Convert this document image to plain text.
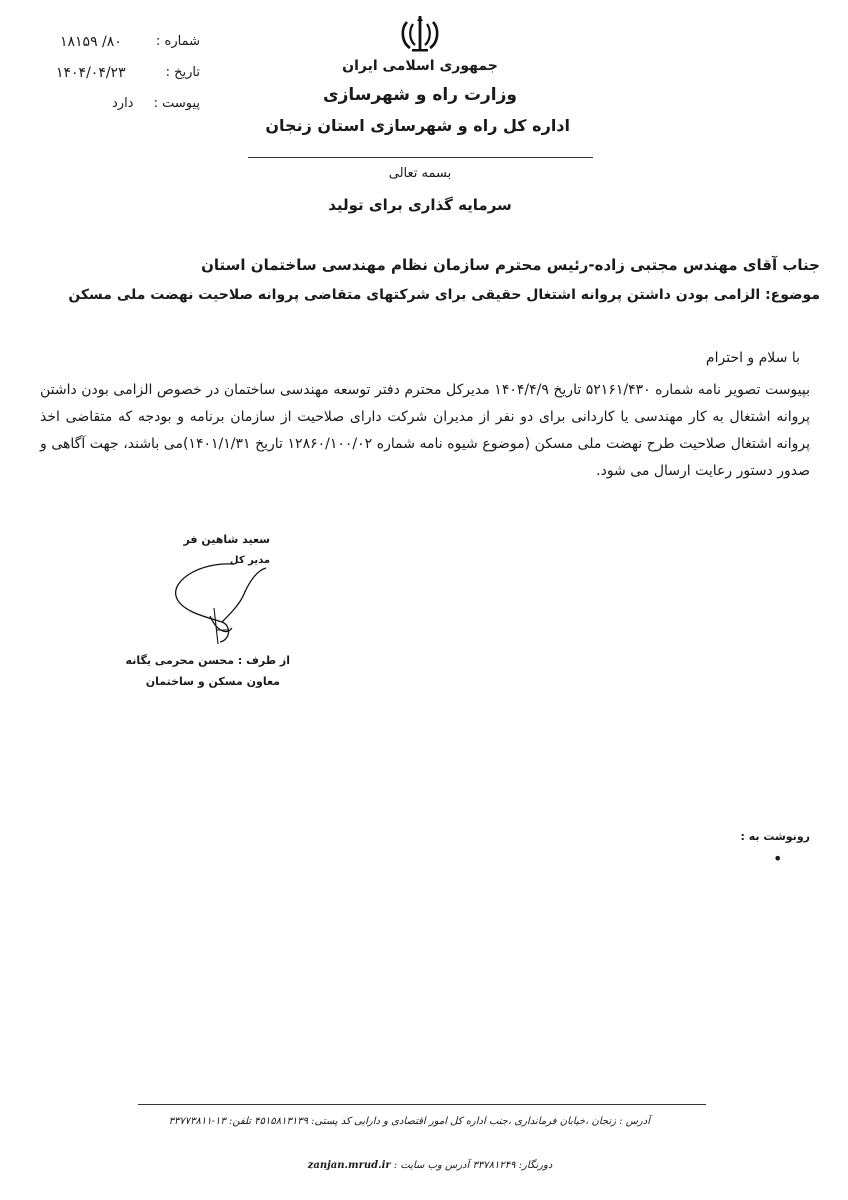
جمهوری اسلامی ایران
وزارت راه و شهرسازی
اداره کل راه و شهرسازی استان زنجان
شماره :
۸۰/ ۱۸۱۵۹
تاریخ :
۱۴۰۴/۰۴/۲۳
پیوست :
دارد
بسمه تعالی
سرمایه گذاری برای تولید
جناب آقای مهندس مجتبی زاده-رئیس محترم سازمان نظام مهندسی ساختمان استان
موضوع: الزامی بودن داشتن پروانه اشتغال حقیقی برای شرکتهای متقاضی پروانه صلاحیت نهضت ملی مسکن
با سلام و احترام
بپیوست تصویر نامه شماره ۵۲۱۶۱/۴۳۰ تاریخ ۱۴۰۴/۴/۹ مدیرکل محترم دفتر توسعه مهندسی ساختمان در خصوص الزامی بودن داشتن پروانه اشتغال به کار مهندسی یا کاردانی برای دو نفر از مدیران شرکت دارای صلاحیت از سازمان برنامه و بودجه که متقاضی اخذ پروانه اشتغال صلاحیت طرح نهضت ملی مسکن (موضوع شیوه نامه شماره ۱۲۸۶۰/۱۰۰/۰۲ تاریخ ۱۴۰۱/۱/۳۱)می باشند، جهت آگاهی و صدور دستور رعایت ارسال می شود.
سعید شاهین فر
مدیر کل
از طرف : محسن محرمی یگانه
معاون مسکن و ساختمان
رونوشت به :
•
آدرس : زنجان ،خیابان فرمانداری ،جنب اداره کل امور اقتصادی و دارایی کد پستی: ۴۵۱۵۸۱۳۱۳۹ تلفن: ۱۳-۳۳۷۷۳۸۱۱
zanjan.mrud.ir دورنگار: ۳۳۷۸۱۲۴۹ آدرس وب سایت :
